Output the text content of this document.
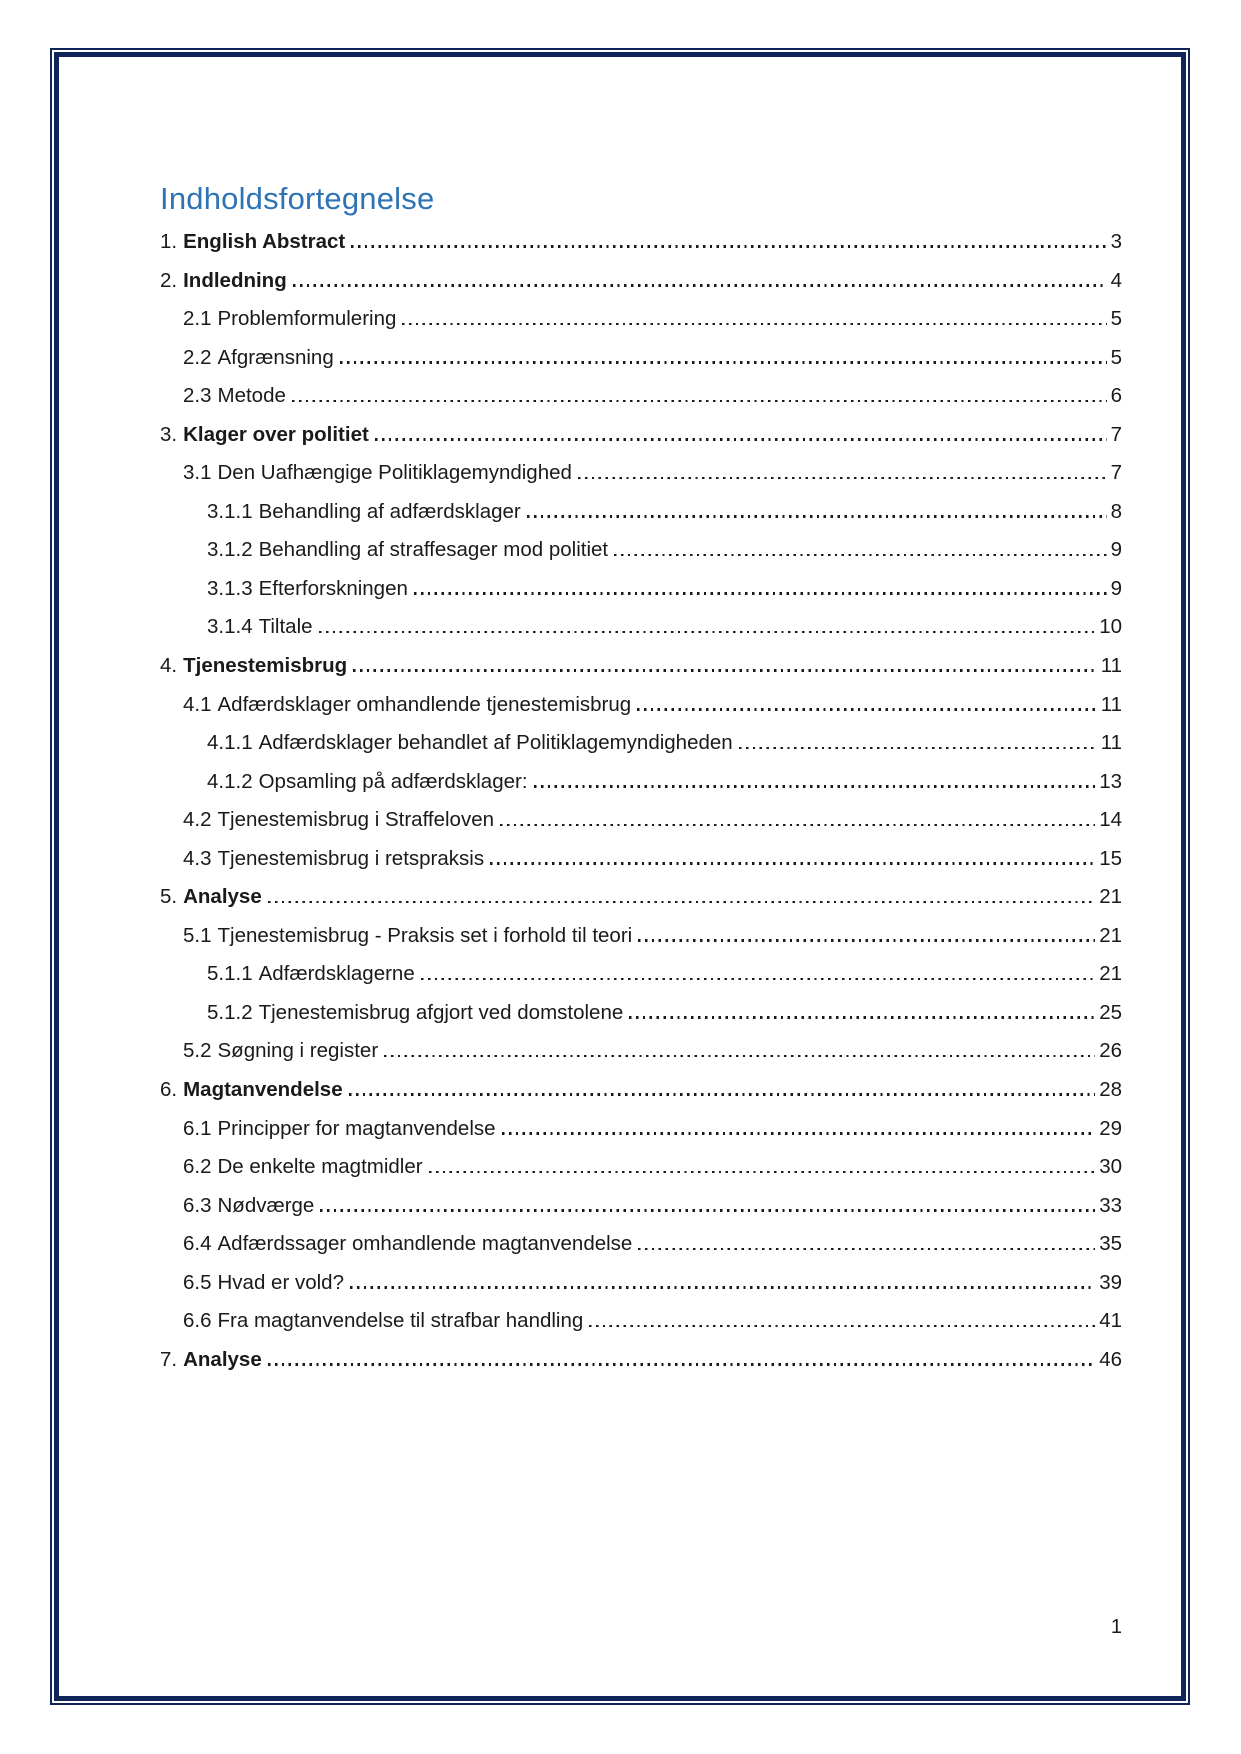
Indholdsfortegnelse
1. English Abstract	3
2. Indledning	4
2.1 Problemformulering	5
2.2 Afgrænsning	5
2.3 Metode	6
3. Klager over politiet	7
3.1 Den Uafhængige Politiklagemyndighed	7
3.1.1 Behandling af adfærdsklager	8
3.1.2 Behandling af straffesager mod politiet	9
3.1.3 Efterforskningen	9
3.1.4 Tiltale	10
4. Tjenestemisbrug	11
4.1 Adfærdsklager omhandlende tjenestemisbrug	11
4.1.1 Adfærdsklager behandlet af Politiklagemyndigheden	11
4.1.2 Opsamling på adfærdsklager:	13
4.2 Tjenestemisbrug i Straffeloven	14
4.3 Tjenestemisbrug i retspraksis	15
5. Analyse	21
5.1 Tjenestemisbrug - Praksis set i forhold til teori	21
5.1.1 Adfærdsklagerne	21
5.1.2 Tjenestemisbrug afgjort ved domstolene	25
5.2 Søgning i register	26
6. Magtanvendelse	28
6.1 Principper for magtanvendelse	29
6.2 De enkelte magtmidler	30
6.3 Nødværge	33
6.4 Adfærdssager omhandlende magtanvendelse	35
6.5 Hvad er vold?	39
6.6 Fra magtanvendelse til strafbar handling	41
7. Analyse	46
1
